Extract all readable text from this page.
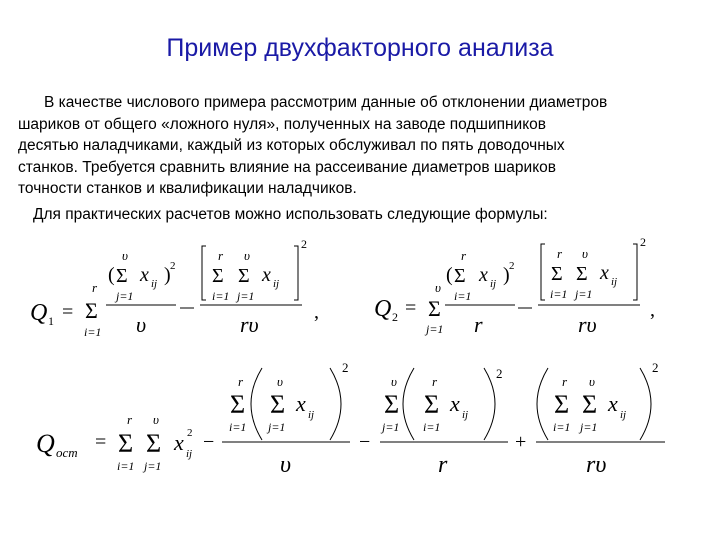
Пример двухфакторного анализа
В качестве числового примера рассмотрим данные об отклонении диаметров
шариков от общего «ложного нуля», полученных на заводе подшипников
десятью наладчиками, каждый из которых обслуживал по пять доводочных
станков. Требуется сравнить влияние на рассеивание диаметров шариков
точности станков и квалификации наладчиков.
Для практических расчетов можно использовать следующие формулы:
Q 1 = Σ
r
i=1
( Σ
υ
j=1
x ij ) 2
υ
Σ
r
i=1
Σ
υ
j=1
x ij
2
rυ	, Q 2 = Σ
υ
j=1
( Σ
r
i=1
x ij ) 2
r
Σ
r
i=1
Σ
υ
j=1
x ij
2
rυ
,
Q ост = Σ
r
i=1
Σ
υ
j=1
x ij
2 −
Σ
r
i=1
Σ
υ
j=1
x ij
2
υ
−
Σ
υ
j=1
Σ
r
i=1
x ij
2
r
+
Σ
r
i=1
Σ
υ
j=1
x ij
2
rυ
